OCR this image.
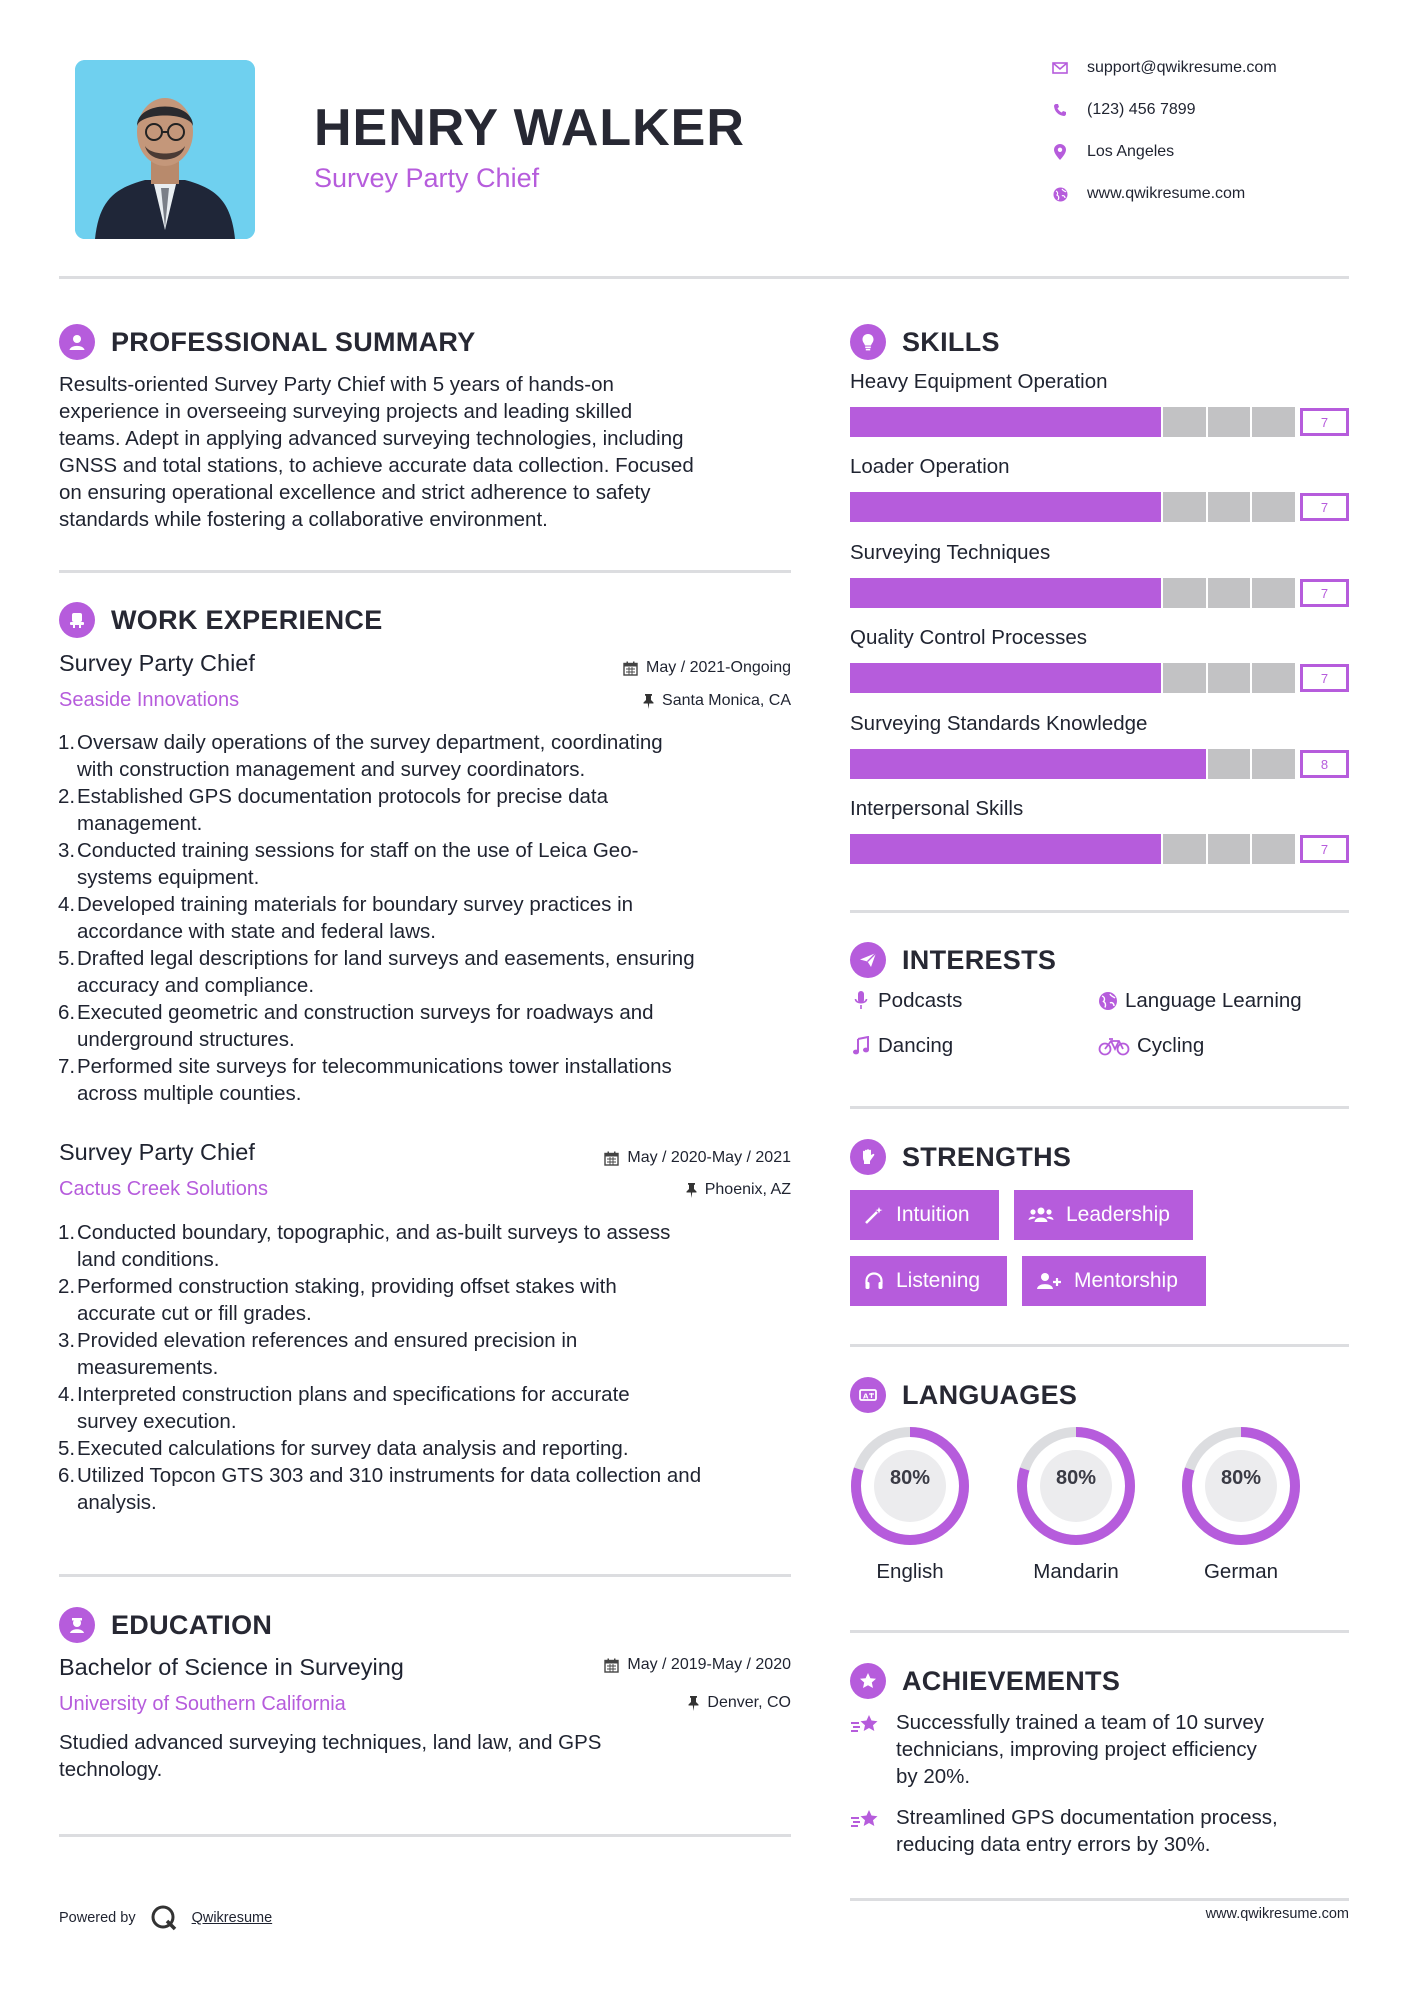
HENRY WALKER
Survey Party Chief
support@qwikresume.com
(123) 456 7899
Los Angeles
www.qwikresume.com
PROFESSIONAL SUMMARY
Results-oriented Survey Party Chief with 5 years of hands-on
experience in overseeing surveying projects and leading skilled
teams. Adept in applying advanced surveying technologies, including
GNSS and total stations, to achieve accurate data collection. Focused
on ensuring operational excellence and strict adherence to safety
standards while fostering a collaborative environment.
WORK EXPERIENCE
Survey Party Chief	May / 2021-Ongoing
Seaside Innovations	Santa Monica, CA
1. Oversaw daily operations of the survey department, coordinating
with construction management and survey coordinators.
2. Established GPS documentation protocols for precise data
management.
3. Conducted training sessions for staff on the use of Leica Geo-
systems equipment.
4. Developed training materials for boundary survey practices in
accordance with state and federal laws.
5. Drafted legal descriptions for land surveys and easements, ensuring
accuracy and compliance.
6. Executed geometric and construction surveys for roadways and
underground structures.
7. Performed site surveys for telecommunications tower installations
across multiple counties.
Survey Party Chief	May / 2020-May / 2021
Cactus Creek Solutions	Phoenix, AZ
1. Conducted boundary, topographic, and as-built surveys to assess
land conditions.
2. Performed construction staking, providing offset stakes with
accurate cut or fill grades.
3. Provided elevation references and ensured precision in
measurements.
4. Interpreted construction plans and specifications for accurate
survey execution.
5. Executed calculations for survey data analysis and reporting.
6. Utilized Topcon GTS 303 and 310 instruments for data collection and
analysis.
EDUCATION
Bachelor of Science in Surveying	May / 2019-May / 2020
University of Southern California	Denver, CO
Studied advanced surveying techniques, land law, and GPS
technology.
Powered by	Qwikresume
SKILLS
Heavy Equipment Operation
7
Loader Operation
7
Surveying Techniques
7
Quality Control Processes
7
Surveying Standards Knowledge
8
Interpersonal Skills
7
INTERESTS
Podcasts	Language Learning
Dancing	Cycling
STRENGTHS
Intuition	Leadership
Listening	Mentorship
A LANGUAGES
80%
English
80%
Mandarin
80%
German
ACHIEVEMENTS
Successfully trained a team of 10 survey
technicians, improving project efficiency
by 20%.
Streamlined GPS documentation process,
reducing data entry errors by 30%.
www.qwikresume.com
